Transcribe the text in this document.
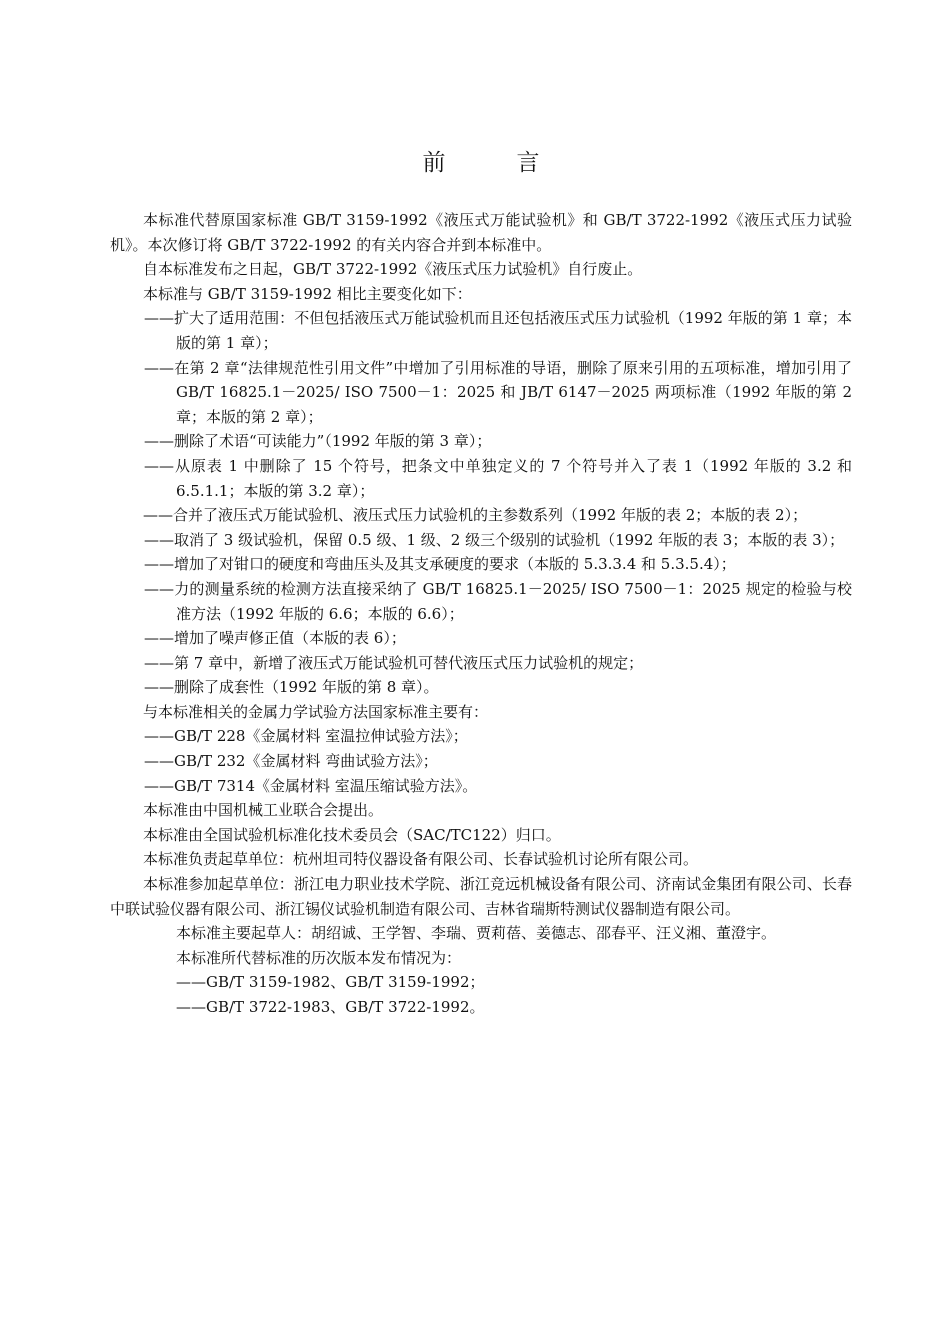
前　言

本标准代替原国家标准 GB/T 3159-1992《液压式万能试验机》和 GB/T 3722-1992《液压式压力试验机》。本次修订将 GB/T 3722-1992 的有关内容合并到本标准中。

自本标准发布之日起，GB/T 3722-1992《液压式压力试验机》自行废止。

本标准与 GB/T 3159-1992 相比主要变化如下：

——扩大了适用范围：不但包括液压式万能试验机而且还包括液压式压力试验机（1992 年版的第 1 章；本版的第 1 章）；

——在第 2 章“法律规范性引用文件”中增加了引用标准的导语，删除了原来引用的五项标准，增加引用了 GB/T 16825.1－2025/ ISO 7500－1：2025 和 JB/T 6147－2025 两项标准（1992 年版的第 2 章；本版的第 2 章）；

——删除了术语“可读能力”（1992 年版的第 3 章）；

——从原表 1 中删除了 15 个符号，把条文中单独定义的 7 个符号并入了表 1（1992 年版的 3.2 和 6.5.1.1；本版的第 3.2 章）；

——合并了液压式万能试验机、液压式压力试验机的主参数系列（1992 年版的表 2；本版的表 2）；

——取消了 3 级试验机，保留 0.5 级、1 级、2 级三个级别的试验机（1992 年版的表 3；本版的表 3）；

——增加了对钳口的硬度和弯曲压头及其支承硬度的要求（本版的 5.3.3.4 和 5.3.5.4）；

——力的测量系统的检测方法直接采纳了 GB/T 16825.1－2025/ ISO 7500－1：2025 规定的检验与校准方法（1992 年版的 6.6；本版的 6.6）；

——增加了噪声修正值（本版的表 6）；

——第 7 章中，新增了液压式万能试验机可替代液压式压力试验机的规定；

——删除了成套性（1992 年版的第 8 章）。

与本标准相关的金属力学试验方法国家标准主要有：

——GB/T 228《金属材料 室温拉伸试验方法》；

——GB/T 232《金属材料 弯曲试验方法》；

——GB/T 7314《金属材料 室温压缩试验方法》。

本标准由中国机械工业联合会提出。

本标准由全国试验机标准化技术委员会（SAC/TC122）归口。

本标准负责起草单位：杭州坦司特仪器设备有限公司、长春试验机讨论所有限公司。

本标准参加起草单位：浙江电力职业技术学院、浙江竞远机械设备有限公司、济南试金集团有限公司、长春中联试验仪器有限公司、浙江锡仪试验机制造有限公司、吉林省瑞斯特测试仪器制造有限公司。

本标准主要起草人：胡绍诚、王学智、李瑞、贾莉蓓、姜德志、邵春平、汪义湘、董澄宇。

本标准所代替标准的历次版本发布情况为：

——GB/T 3159-1982、GB/T 3159-1992；

——GB/T 3722-1983、GB/T 3722-1992。
